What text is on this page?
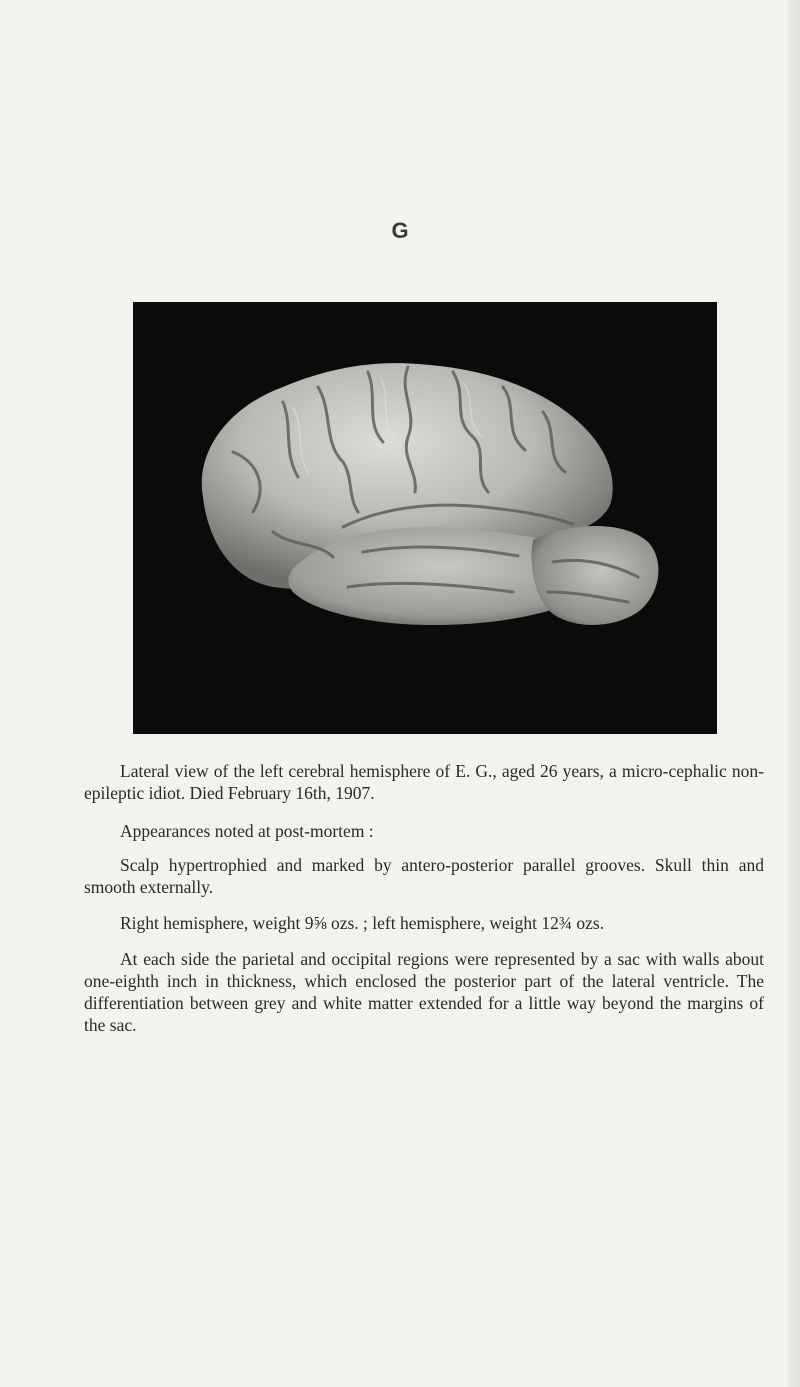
G

Lateral view of the left cerebral hemisphere of E. G., aged 26 years, a micro-cephalic non-epileptic idiot. Died February 16th, 1907.

Appearances noted at post-mortem :

Scalp hypertrophied and marked by antero-posterior parallel grooves. Skull thin and smooth externally.

Right hemisphere, weight 9⅝ ozs. ; left hemisphere, weight 12¾ ozs.

At each side the parietal and occipital regions were represented by a sac with walls about one-eighth inch in thickness, which enclosed the posterior part of the lateral ventricle. The differentiation between grey and white matter extended for a little way beyond the margins of the sac.
